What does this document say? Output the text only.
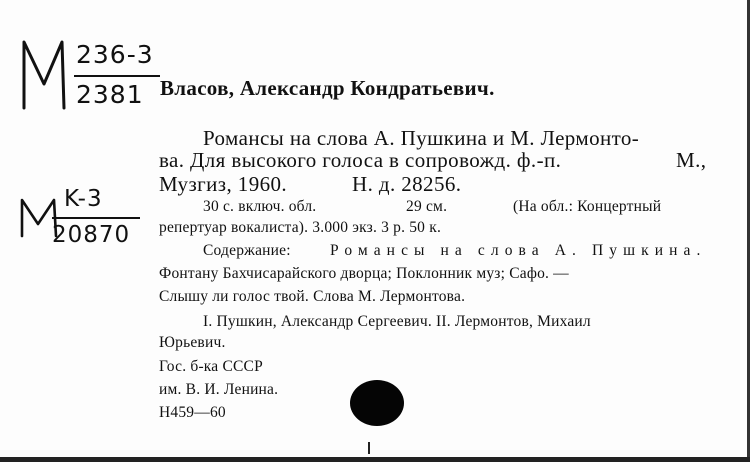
236-3
2381
K-3
20870
Власов, Александр Кондратьевич.
Романсы на слова А. Пушкина и М. Лермонто-
ва. Для высокого голоса в сопровожд. ф.-п.	М.,
Музгиз, 1960.	Н. д. 28256.
30 с. включ. обл.	29 см.	(На обл.: Концертный
репертуар вокалиста). 3.000 экз. 3 р. 50 к.
Содержание:	Романсы на слова А. Пушкина.
Фонтану Бахчисарайского дворца; Поклонник муз; Сафо. —
Слышу ли голос твой. Слова М. Лермонтова.
I. Пушкин, Александр Сергеевич. II. Лермонтов, Михаил
Юрьевич.
Гос. б-ка СССР
им. В. И. Ленина.
Н459—60
